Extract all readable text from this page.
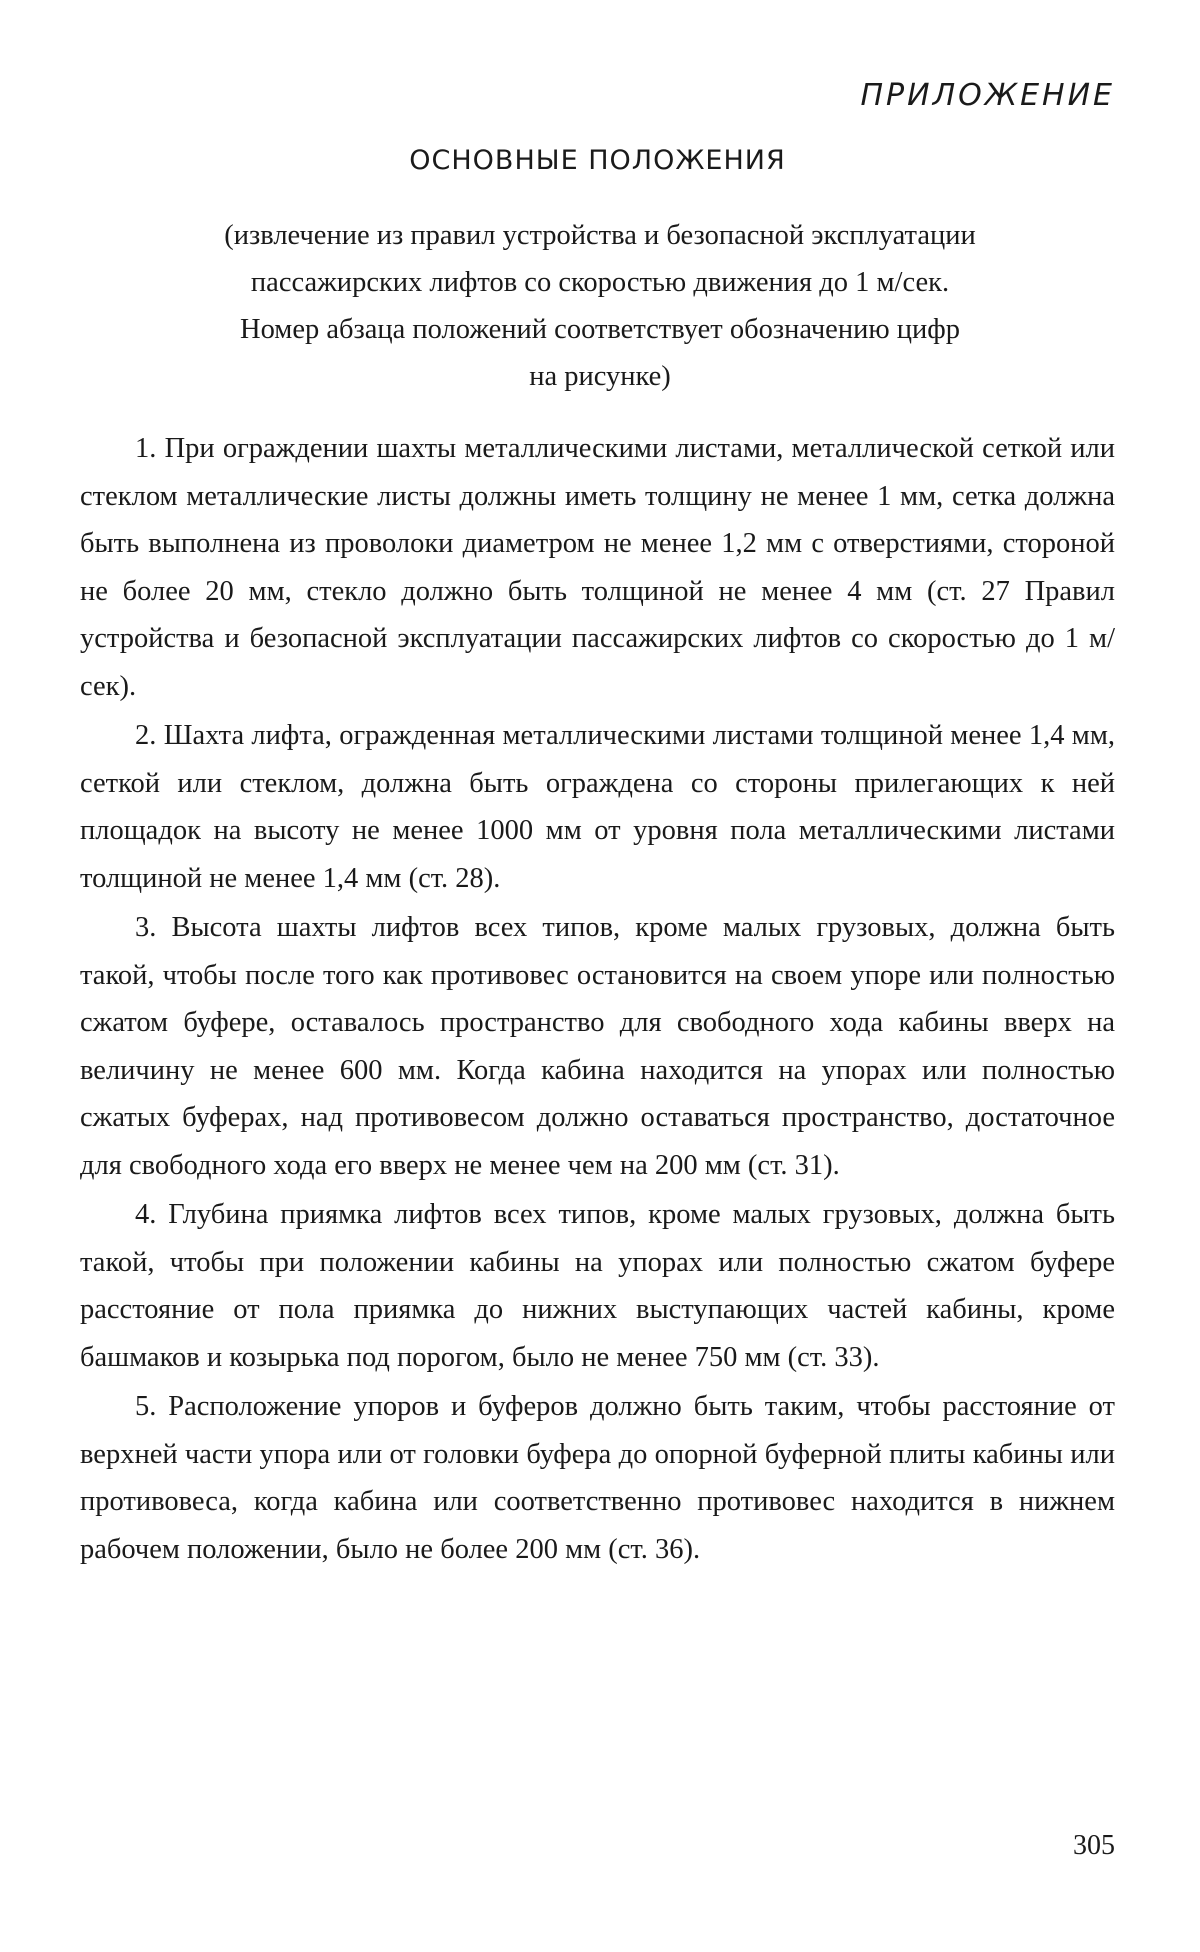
ПРИЛОЖЕНИЕ
ОСНОВНЫЕ ПОЛОЖЕНИЯ
(извлечение из правил устройства и безопасной эксплуатации
пассажирских лифтов со скоростью движения до 1 м/сек.
Номер абзаца положений соответствует обозначению цифр
на рисунке)

1. При ограждении шахты металлическими листами, металлической сеткой или стеклом металлические листы должны иметь толщину не менее 1 мм, сетка должна быть выполнена из проволоки диаметром не менее 1,2 мм с отверстиями, стороной не более 20 мм, стекло должно быть толщиной не менее 4 мм (ст. 27 Правил устройства и безопасной эксплуатации пассажирских лифтов со скоростью до 1 м/сек).

2. Шахта лифта, огражденная металлическими листами толщиной менее 1,4 мм, сеткой или стеклом, должна быть ограждена со стороны прилегающих к ней площадок на высоту не менее 1000 мм от уровня пола металлическими листами толщиной не менее 1,4 мм (ст. 28).

3. Высота шахты лифтов всех типов, кроме малых грузовых, должна быть такой, чтобы после того как противовес остановится на своем упоре или полностью сжатом буфере, оставалось пространство для свободного хода кабины вверх на величину не менее 600 мм. Когда кабина находится на упорах или полностью сжатых буферах, над противовесом должно оставаться пространство, достаточное для свободного хода его вверх не менее чем на 200 мм (ст. 31).

4. Глубина приямка лифтов всех типов, кроме малых грузовых, должна быть такой, чтобы при положении кабины на упорах или полностью сжатом буфере расстояние от пола приямка до нижних выступающих частей кабины, кроме башмаков и козырька под порогом, было не менее 750 мм (ст. 33).

5. Расположение упоров и буферов должно быть таким, чтобы расстояние от верхней части упора или от головки буфера до опорной буферной плиты кабины или противовеса, когда кабина или соответственно противовес находится в нижнем рабочем положении, было не более 200 мм (ст. 36).

305
